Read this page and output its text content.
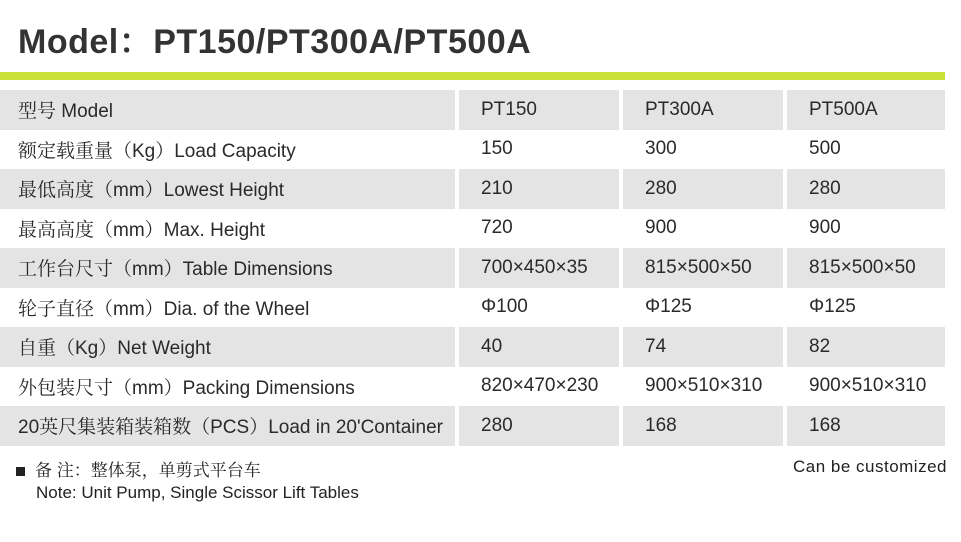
Model：PT150/PT300A/PT500A
型号 Model	PT150	PT300A	PT500A
额定载重量（Kg）Load Capacity	150	300	500
最低高度（mm）Lowest Height	210	280	280
最高高度（mm）Max. Height	720	900	900
工作台尺寸（mm）Table Dimensions	700×450×35	815×500×50	815×500×50
轮子直径（mm）Dia. of the Wheel	Φ100	Φ125	Φ125
自重（Kg）Net Weight	40	74	82
外包装尺寸（mm）Packing Dimensions	820×470×230	900×510×310	900×510×310
20英尺集装箱装箱数（PCS）Load in 20'Container	280	168	168
备 注：整体泵，单剪式平台车
Note: Unit Pump, Single Scissor Lift Tables
Can be customized
